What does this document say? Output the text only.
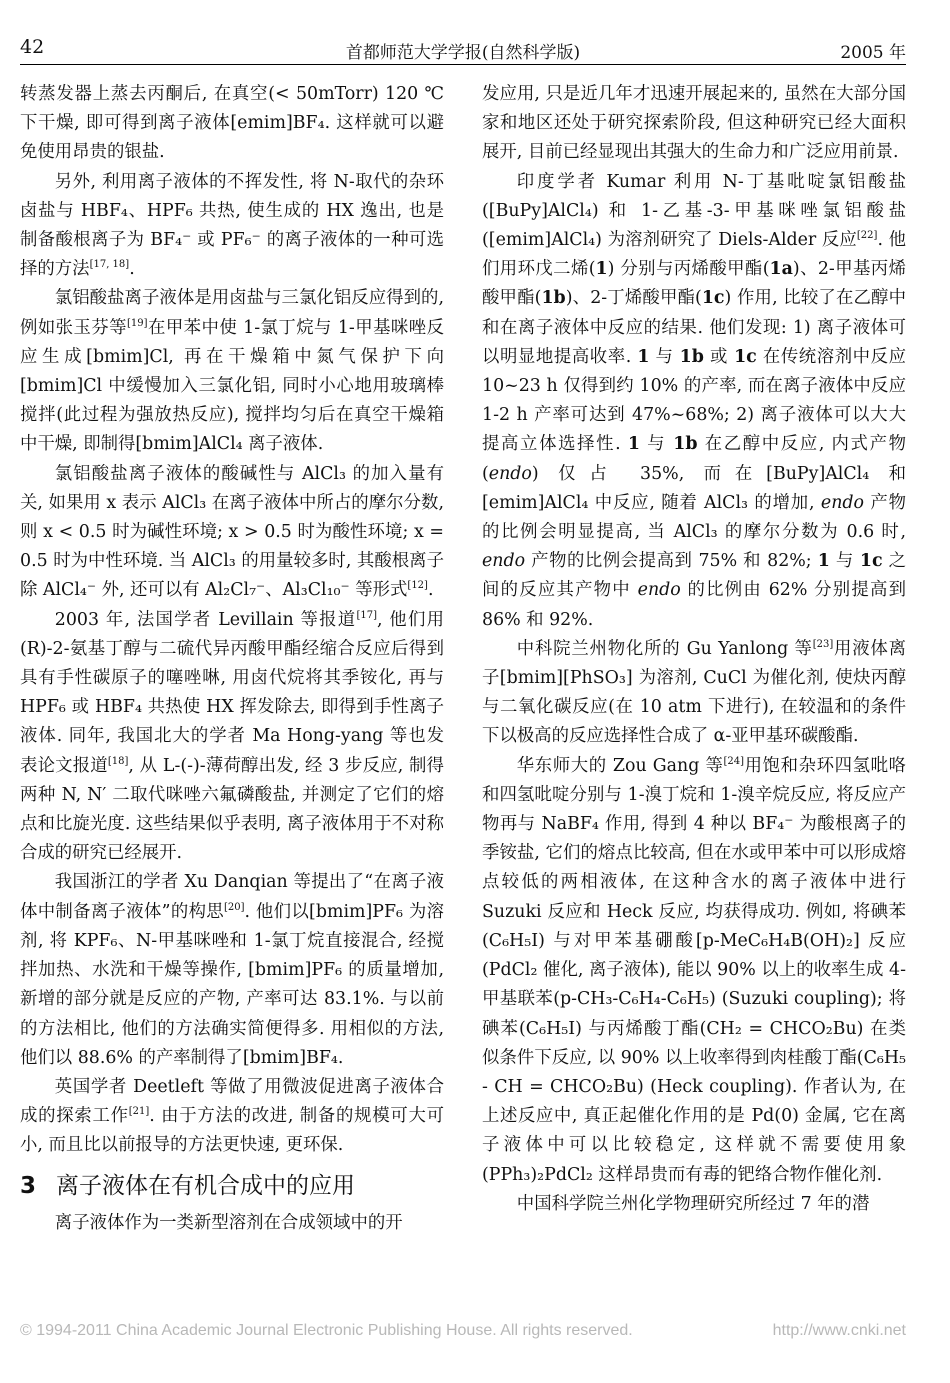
42	首都师范大学学报(自然科学版)	2005 年

转蒸发器上蒸去丙酮后, 在真空(< 50mTorr) 120 ℃下干燥, 即可得到离子液体[emim]BF₄. 这样就可以避免使用昂贵的银盐.

另外, 利用离子液体的不挥发性, 将 N-取代的杂环卤盐与 HBF₄、HPF₆ 共热, 使生成的 HX 逸出, 也是制备酸根离子为 BF₄⁻ 或 PF₆⁻ 的离子液体的一种可选择的方法[17, 18].

氯铝酸盐离子液体是用卤盐与三氯化铝反应得到的, 例如张玉芬等[19]在甲苯中使 1-氯丁烷与 1-甲基咪唑反应生成[bmim]Cl, 再在干燥箱中氮气保护下向[bmim]Cl 中缓慢加入三氯化铝, 同时小心地用玻璃棒搅拌(此过程为强放热反应), 搅拌均匀后在真空干燥箱中干燥, 即制得[bmim]AlCl₄ 离子液体.

氯铝酸盐离子液体的酸碱性与 AlCl₃ 的加入量有关, 如果用 x 表示 AlCl₃ 在离子液体中所占的摩尔分数, 则 x < 0.5 时为碱性环境; x > 0.5 时为酸性环境; x = 0.5 时为中性环境. 当 AlCl₃ 的用量较多时, 其酸根离子除 AlCl₄⁻ 外, 还可以有 Al₂Cl₇⁻、Al₃Cl₁₀⁻ 等形式[12].

2003 年, 法国学者 Levillain 等报道[17], 他们用(R)-2-氨基丁醇与二硫代异丙酸甲酯经缩合反应后得到具有手性碳原子的噻唑啉, 用卤代烷将其季铵化, 再与 HPF₆ 或 HBF₄ 共热使 HX 挥发除去, 即得到手性离子液体. 同年, 我国北大的学者 Ma Hong-yang 等也发表论文报道[18], 从 L-(-)-薄荷醇出发, 经 3 步反应, 制得两种 N, N′ 二取代咪唑六氟磷酸盐, 并测定了它们的熔点和比旋光度. 这些结果似乎表明, 离子液体用于不对称合成的研究已经展开.

我国浙江的学者 Xu Danqian 等提出了“在离子液体中制备离子液体”的构思[20]. 他们以[bmim]PF₆ 为溶剂, 将 KPF₆、N-甲基咪唑和 1-氯丁烷直接混合, 经搅拌加热、水洗和干燥等操作, [bmim]PF₆ 的质量增加, 新增的部分就是反应的产物, 产率可达 83.1%. 与以前的方法相比, 他们的方法确实简便得多. 用相似的方法, 他们以 88.6% 的产率制得了[bmim]BF₄.

英国学者 Deetleft 等做了用微波促进离子液体合成的探索工作[21]. 由于方法的改进, 制备的规模可大可小, 而且比以前报导的方法更快速, 更环保.

3 离子液体在有机合成中的应用

离子液体作为一类新型溶剂在合成领域中的开

发应用, 只是近几年才迅速开展起来的, 虽然在大部分国家和地区还处于研究探索阶段, 但这种研究已经大面积展开, 目前已经显现出其强大的生命力和广泛应用前景.

印度学者 Kumar 利用 N-丁基吡啶氯铝酸盐([BuPy]AlCl₄) 和 1-乙基-3-甲基咪唑氯铝酸盐([emim]AlCl₄) 为溶剂研究了 Diels-Alder 反应[22]. 他们用环戊二烯(1) 分别与丙烯酸甲酯(1a)、2-甲基丙烯酸甲酯(1b)、2-丁烯酸甲酯(1c) 作用, 比较了在乙醇中和在离子液体中反应的结果. 他们发现: 1) 离子液体可以明显地提高收率. 1 与 1b 或 1c 在传统溶剂中反应 10~23 h 仅得到约 10% 的产率, 而在离子液体中反应 1-2 h 产率可达到 47%~68%; 2) 离子液体可以大大提高立体选择性. 1 与 1b 在乙醇中反应, 内式产物(endo) 仅占 35%, 而在[BuPy]AlCl₄ 和 [emim]AlCl₄ 中反应, 随着 AlCl₃ 的增加, endo 产物的比例会明显提高, 当 AlCl₃ 的摩尔分数为 0.6 时, endo 产物的比例会提高到 75% 和 82%; 1 与 1c 之间的反应其产物中 endo 的比例由 62% 分别提高到 86% 和 92%.

中科院兰州物化所的 Gu Yanlong 等[23]用液体离子[bmim][PhSO₃] 为溶剂, CuCl 为催化剂, 使炔丙醇与二氧化碳反应(在 10 atm 下进行), 在较温和的条件下以极高的反应选择性合成了 α-亚甲基环碳酸酯.

华东师大的 Zou Gang 等[24]用饱和杂环四氢吡咯和四氢吡啶分别与 1-溴丁烷和 1-溴辛烷反应, 将反应产物再与 NaBF₄ 作用, 得到 4 种以 BF₄⁻ 为酸根离子的季铵盐, 它们的熔点比较高, 但在水或甲苯中可以形成熔点较低的两相液体, 在这种含水的离子液体中进行 Suzuki 反应和 Heck 反应, 均获得成功. 例如, 将碘苯(C₆H₅I) 与对甲苯基硼酸[p-MeC₆H₄B(OH)₂] 反应(PdCl₂ 催化, 离子液体), 能以 90% 以上的收率生成 4-甲基联苯(p-CH₃-C₆H₄-C₆H₅) (Suzuki coupling); 将碘苯(C₆H₅I) 与丙烯酸丁酯(CH₂ = CHCO₂Bu) 在类似条件下反应, 以 90% 以上收率得到肉桂酸丁酯(C₆H₅ - CH = CHCO₂Bu) (Heck coupling). 作者认为, 在上述反应中, 真正起催化作用的是 Pd(0) 金属, 它在离子液体中可以比较稳定, 这样就不需要使用象(PPh₃)₂PdCl₂ 这样昂贵而有毒的钯络合物作催化剂.

中国科学院兰州化学物理研究所经过 7 年的潜

© 1994-2011 China Academic Journal Electronic Publishing House. All rights reserved.	http://www.cnki.net
